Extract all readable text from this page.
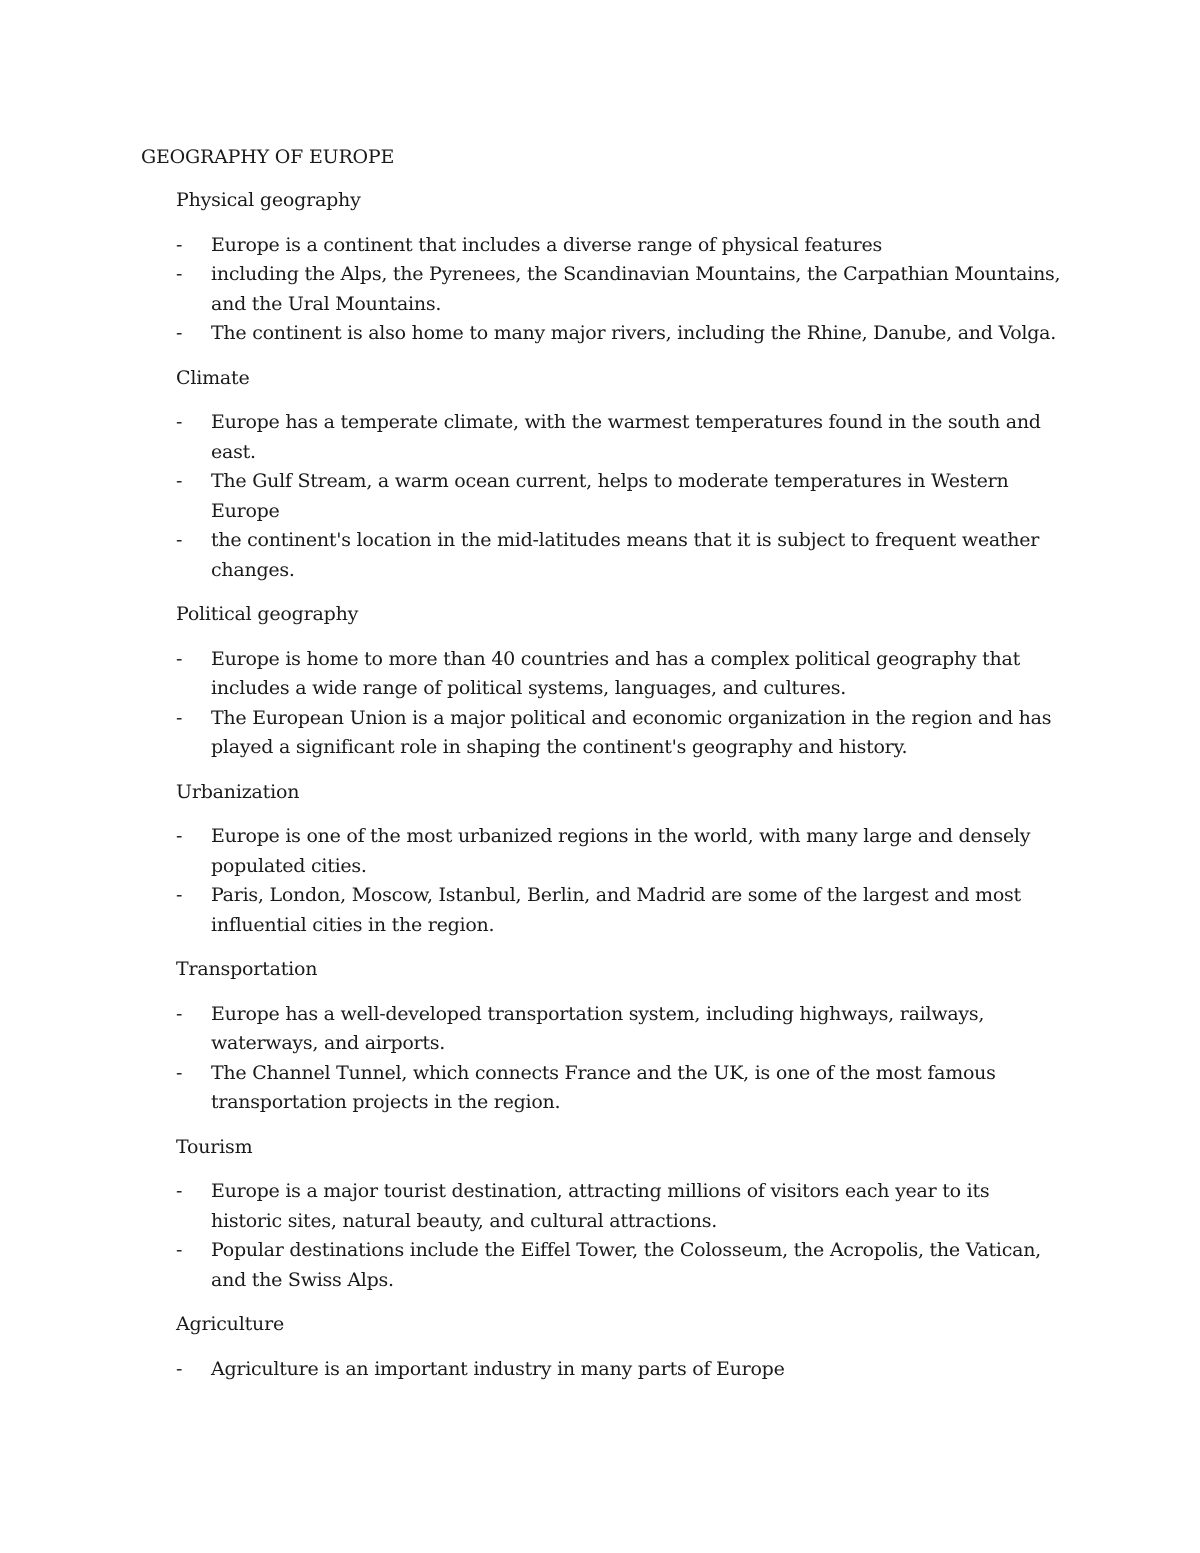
GEOGRAPHY OF EUROPE
Physical geography
- Europe is a continent that includes a diverse range of physical features
- including the Alps, the Pyrenees, the Scandinavian Mountains, the Carpathian Mountains, and the Ural Mountains.
- The continent is also home to many major rivers, including the Rhine, Danube, and Volga.
Climate
- Europe has a temperate climate, with the warmest temperatures found in the south and east.
- The Gulf Stream, a warm ocean current, helps to moderate temperatures in Western Europe
- the continent's location in the mid-latitudes means that it is subject to frequent weather changes.
Political geography
- Europe is home to more than 40 countries and has a complex political geography that includes a wide range of political systems, languages, and cultures.
- The European Union is a major political and economic organization in the region and has played a significant role in shaping the continent's geography and history.
Urbanization
- Europe is one of the most urbanized regions in the world, with many large and densely populated cities.
- Paris, London, Moscow, Istanbul, Berlin, and Madrid are some of the largest and most influential cities in the region.
Transportation
- Europe has a well-developed transportation system, including highways, railways, waterways, and airports.
- The Channel Tunnel, which connects France and the UK, is one of the most famous transportation projects in the region.
Tourism
- Europe is a major tourist destination, attracting millions of visitors each year to its historic sites, natural beauty, and cultural attractions.
- Popular destinations include the Eiffel Tower, the Colosseum, the Acropolis, the Vatican, and the Swiss Alps.
Agriculture
- Agriculture is an important industry in many parts of Europe
